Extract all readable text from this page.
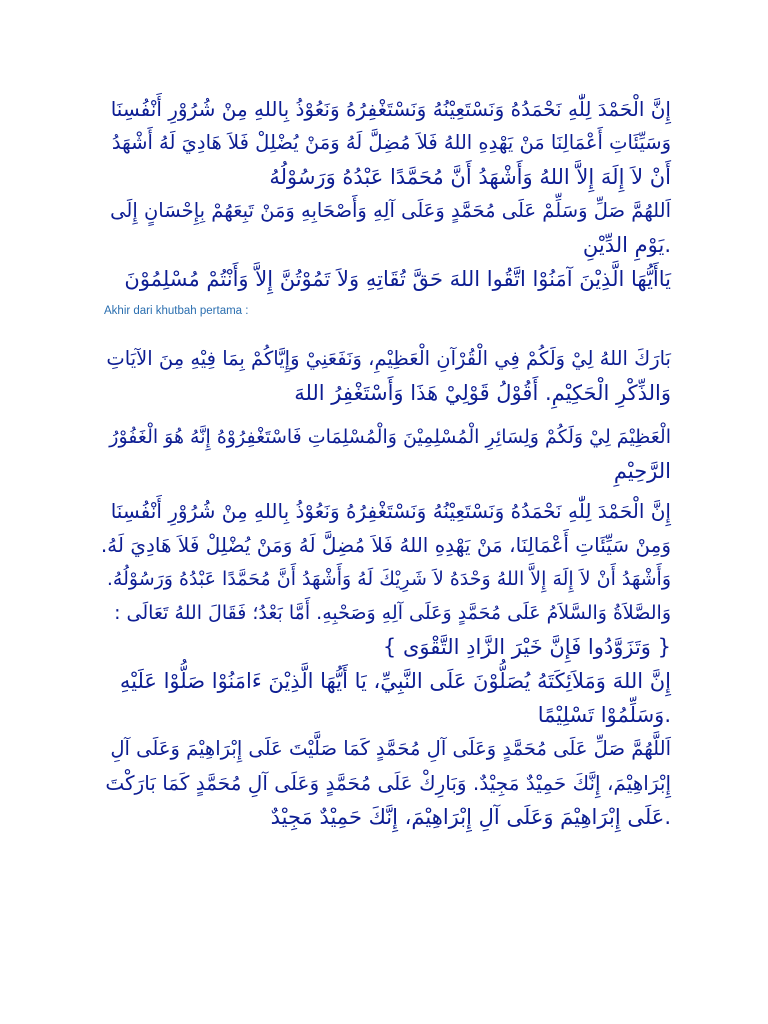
إِنَّ الْحَمْدَ لِلّٰهِ نَحْمَدُهُ وَنَسْتَعِيْنُهُ وَنَسْتَغْفِرُهُ وَنَعُوْذُ بِاللهِ مِنْ شُرُوْرِ أَنْفُسِنَا
وَسَيِّئَاتِ أَعْمَالِنَا مَنْ يَهْدِهِ اللهُ فَلاَ مُضِلَّ لَهُ وَمَنْ يُضْلِلْ فَلاَ هَادِيَ لَهُ أَشْهَدُ
أَنْ لاَ إِلَهَ إِلاَّ اللهُ وَأَشْهَدُ أَنَّ مُحَمَّدًا عَبْدُهُ وَرَسُوْلُهُ
اَللهُمَّ صَلِّ وَسَلِّمْ عَلَى مُحَمَّدٍ وَعَلَى آلِهِ وَأَصْحَابِهِ وَمَنْ تَبِعَهُمْ بِإِحْسَانٍ إِلَى
.يَوْمِ الدِّيْنِ
يَاأَيُّهَا الَّذِيْنَ آمَنُوْا اتَّقُوا اللهَ حَقَّ تُقَاتِهِ وَلاَ تَمُوْتُنَّ إِلاَّ وَأَنْتُمْ مُسْلِمُوْنَ
Akhir dari khutbah pertama :
بَارَكَ اللهُ لِيْ وَلَكُمْ فِي الْقُرْآنِ الْعَظِيْمِ، وَنَفَعَنِيْ وَإِيَّاكُمْ بِمَا فِيْهِ مِنَ الآيَاتِ
وَالذِّكْرِ الْحَكِيْمِ. أَقُوْلُ قَوْلِيْ هَذَا وَأَسْتَغْفِرُ اللهَ
الْعَظِيْمَ لِيْ وَلَكُمْ وَلِسَائِرِ الْمُسْلِمِيْنَ وَالْمُسْلِمَاتِ فَاسْتَغْفِرُوْهُ إِنَّهُ هُوَ الْغَفُوْرُ
الرَّحِيْمِ
إِنَّ الْحَمْدَ لِلّٰهِ نَحْمَدُهُ وَنَسْتَعِيْنُهُ وَنَسْتَغْفِرُهُ وَنَعُوْذُ بِاللهِ مِنْ شُرُوْرِ أَنْفُسِنَا
وَمِنْ سَيِّئَاتِ أَعْمَالِنَا، مَنْ يَهْدِهِ اللهُ فَلاَ مُضِلَّ لَهُ وَمَنْ يُضْلِلْ فَلاَ هَادِيَ لَهُ.
وَأَشْهَدُ أَنْ لاَ إِلَهَ إِلاَّ اللهُ وَحْدَهُ لاَ شَرِيْكَ لَهُ وَأَشْهَدُ أَنَّ مُحَمَّدًا عَبْدُهُ وَرَسُوْلُهُ.
وَالصَّلاَةُ وَالسَّلاَمُ عَلَى مُحَمَّدٍ وَعَلَى آلِهِ وَصَحْبِهِ. أَمَّا بَعْدُ؛ فَقَالَ اللهُ تَعَالَى :
{ وَتَزَوَّدُوا فَإِنَّ خَيْرَ الزَّادِ التَّقْوَى }
إِنَّ اللهَ وَمَلاَئِكَتَهُ يُصَلُّوْنَ عَلَى النَّبِيِّ، يَا أَيُّهَا الَّذِيْنَ ءَامَنُوْا صَلُّوْا عَلَيْهِ
.وَسَلِّمُوْا تَسْلِيْمًا
اَللَّهُمَّ صَلِّ عَلَى مُحَمَّدٍ وَعَلَى آلِ مُحَمَّدٍ كَمَا صَلَّيْتَ عَلَى إِبْرَاهِيْمَ وَعَلَى آلِ
إِبْرَاهِيْمَ، إِنَّكَ حَمِيْدٌ مَجِيْدٌ. وَبَارِكْ عَلَى مُحَمَّدٍ وَعَلَى آلِ مُحَمَّدٍ كَمَا بَارَكْتَ
.عَلَى إِبْرَاهِيْمَ وَعَلَى آلِ إِبْرَاهِيْمَ، إِنَّكَ حَمِيْدٌ مَجِيْدٌ
